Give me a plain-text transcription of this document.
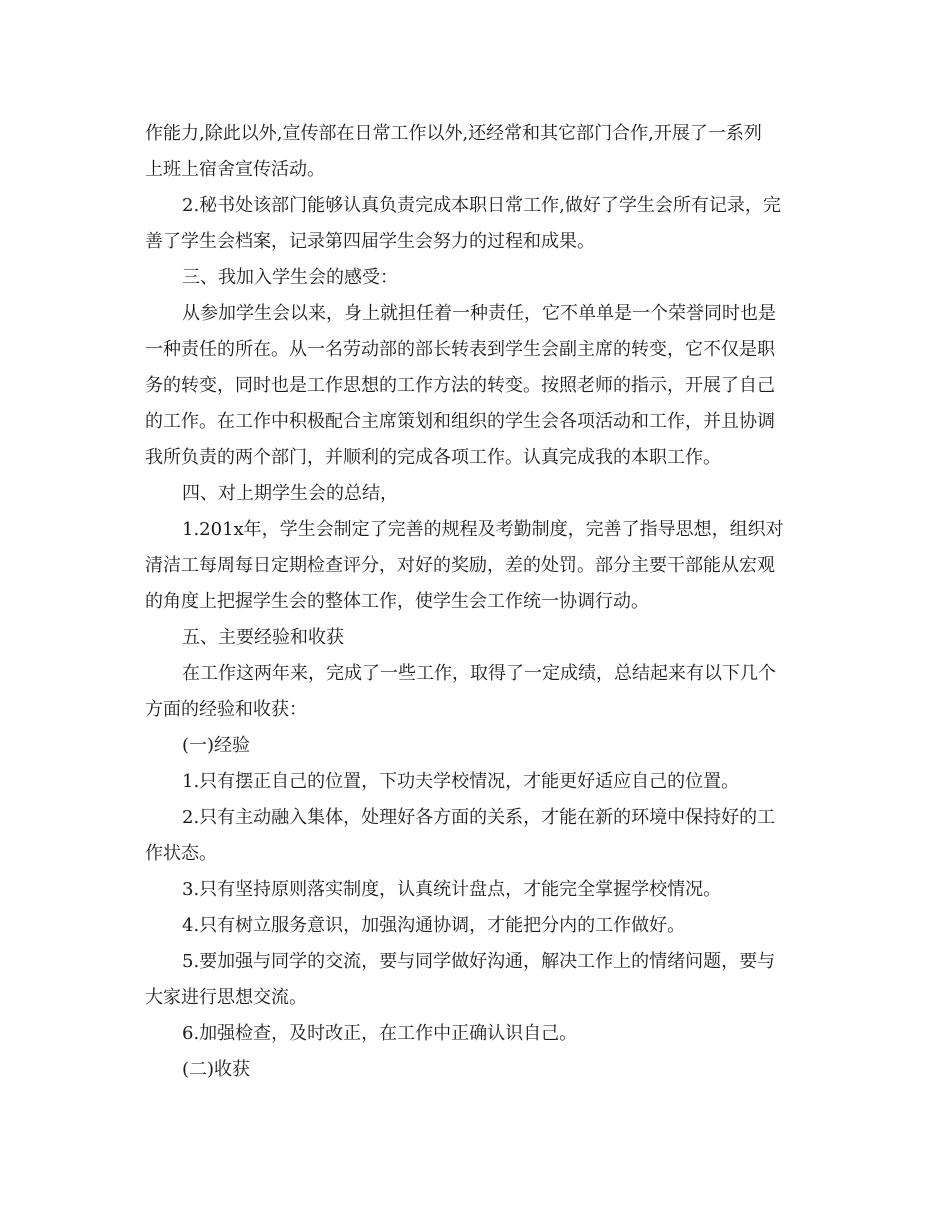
作能力,除此以外,宣传部在日常工作以外,还经常和其它部门合作,开展了一系列
上班上宿舍宣传活动。
2.秘书处该部门能够认真负责完成本职日常工作,做好了学生会所有记录，完
善了学生会档案，记录第四届学生会努力的过程和成果。
三、我加入学生会的感受：
从参加学生会以来，身上就担任着一种责任，它不单单是一个荣誉同时也是
一种责任的所在。从一名劳动部的部长转表到学生会副主席的转变，它不仅是职
务的转变，同时也是工作思想的工作方法的转变。按照老师的指示，开展了自己
的工作。在工作中积极配合主席策划和组织的学生会各项活动和工作，并且协调
我所负责的两个部门，并顺利的完成各项工作。认真完成我的本职工作。
四、对上期学生会的总结，
1.201x年，学生会制定了完善的规程及考勤制度，完善了指导思想，组织对
清洁工每周每日定期检查评分，对好的奖励，差的处罚。部分主要干部能从宏观
的角度上把握学生会的整体工作，使学生会工作统一协调行动。
五、主要经验和收获
在工作这两年来，完成了一些工作，取得了一定成绩，总结起来有以下几个
方面的经验和收获：
(一)经验
1.只有摆正自己的位置，下功夫学校情况，才能更好适应自己的位置。
2.只有主动融入集体，处理好各方面的关系，才能在新的环境中保持好的工
作状态。
3.只有坚持原则落实制度，认真统计盘点，才能完全掌握学校情况。
4.只有树立服务意识，加强沟通协调，才能把分内的工作做好。
5.要加强与同学的交流，要与同学做好沟通，解决工作上的情绪问题，要与
大家进行思想交流。
6.加强检查，及时改正，在工作中正确认识自己。
(二)收获
